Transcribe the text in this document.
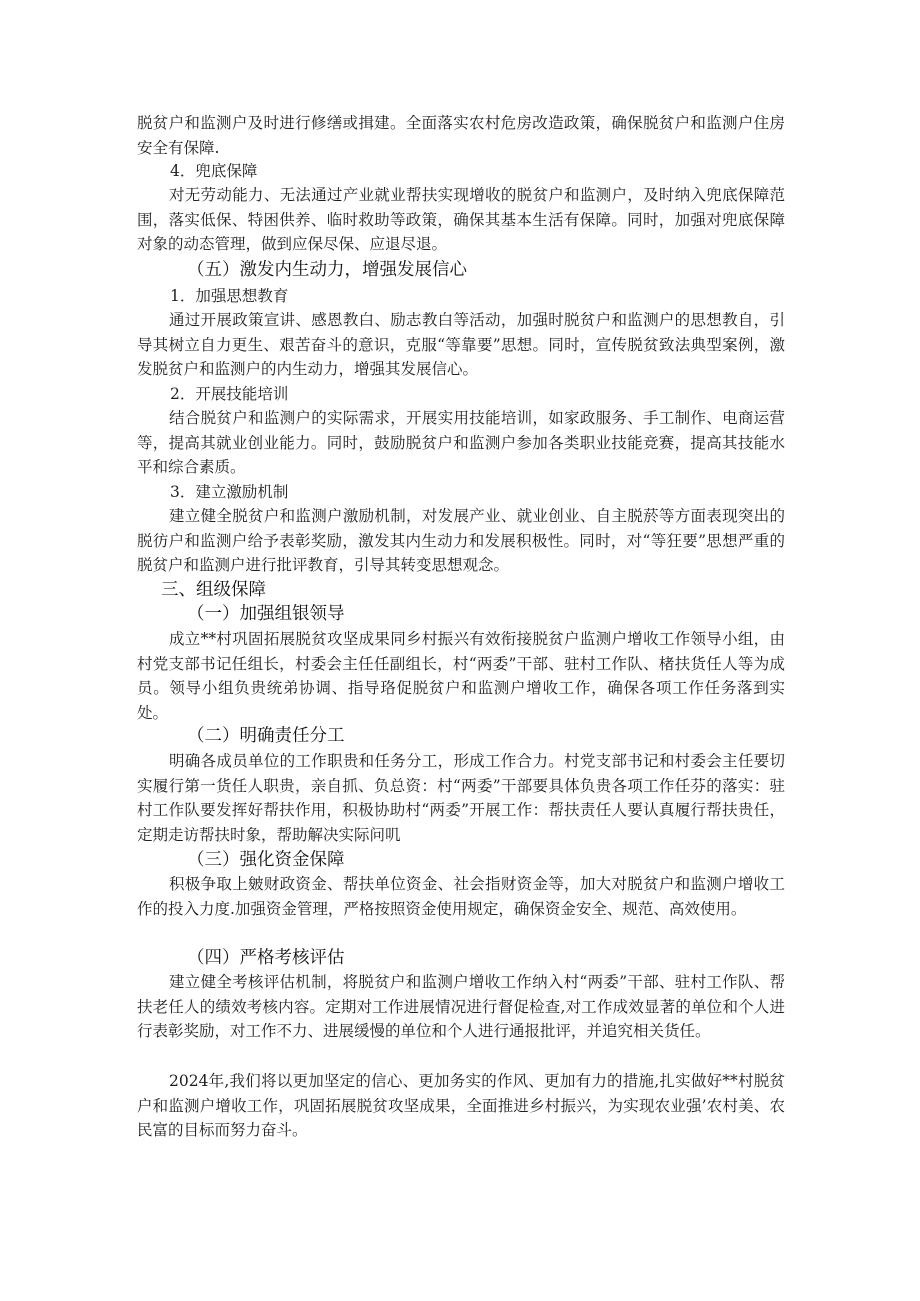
脱贫户和监测户及时进行修缮或揖建。全面落实农村危房改造政策，确保脱贫户和监测户住房安全有保障.
4．兜底保障
对无劳动能力、无法通过产业就业帮扶实现增收的脱贫户和监测户，及时纳入兜底保障范围，落实低保、特困供养、临时救助等政策，确保其基本生活有保障。同时，加强对兜底保障对象的动态管理，做到应保尽保、应退尽退。
（五）激发内生动力，增强发展信心
1．加强思想教育
通过开展政策宣讲、感恩教白、励志教白等活动，加强时脱贫户和监测户的思想教自，引导其树立自力更生、艰苦奋斗的意识，克服“等靠要”思想。同时，宣传脱贫致法典型案例，激发脱贫户和监测户的内生动力，增强其发展信心。
2．开展技能培训
结合脱贫户和监测户的实际需求，开展实用技能培训，如家政服务、手工制作、电商运营等，提高其就业创业能力。同时，鼓励脱贫户和监测户参加各类职业技能竞赛，提高其技能水平和综合素质。
3．建立激励机制
建立健全脱贫户和监测户激励机制，对发展产业、就业创业、自主脱菸等方面表现突出的脱彷户和监测户给予表彰奖励，激发其内生动力和发展积极性。同时，对“等狂要”思想严重的脱贫户和监测户进行批评教育，引导其转变思想观念。
三、组级保障
（一）加强组银领导
成立**村巩固拓展脱贫攻坚成果同乡村振兴有效衔接脱贫户监测户增收工作领导小组，由村党支部书记任组长，村委会主任任副组长，村“两委”干部、驻村工作队、楮扶货任人等为成员。领导小组负贵统弟协调、指导珞促脱贫户和监测户增收工作，确保各项工作任务落到实处。
（二）明确责任分工
明确各成员单位的工作职贵和任务分工，形成工作合力。村党支部书记和村委会主任要切实履行第一货任人职贵，亲自抓、负总资：村“两委”干部要具体负贵各项工作任芬的落实：驻村工作队要发挥好帮扶作用，积极协助村“两委”开展工作：帮扶责任人要认真履行帮扶贵任，定期走访帮扶时象，帮助解决实际问叽
（三）强化资金保障
积极争取上皴财政资金、帮扶单位资金、社会指财资金等，加大对脱贫户和监测户增收工作的投入力度.加强资金管理，严格按照资金使用规定，确保资金安全、规范、高效使用。
（四）严格考核评估
建立健全考核评估机制，将脱贫户和监测户增收工作纳入村“两委”干部、驻村工作队、帮扶老任人的绩效考核内容。定期对工作进展情况进行督促检查,对工作成效显著的单位和个人进行表彰奖励，对工作不力、进展缓慢的单位和个人进行通报批评，并追究相关货任。
2024年,我们将以更加坚定的信心、更加务实的作风、更加有力的措施,扎实做好**村脱贫户和监测户增收工作，巩固拓展脱贫攻坚成果，全面推进乡村振兴，为实现农业强’农村美、农民富的目标而努力奋斗。
